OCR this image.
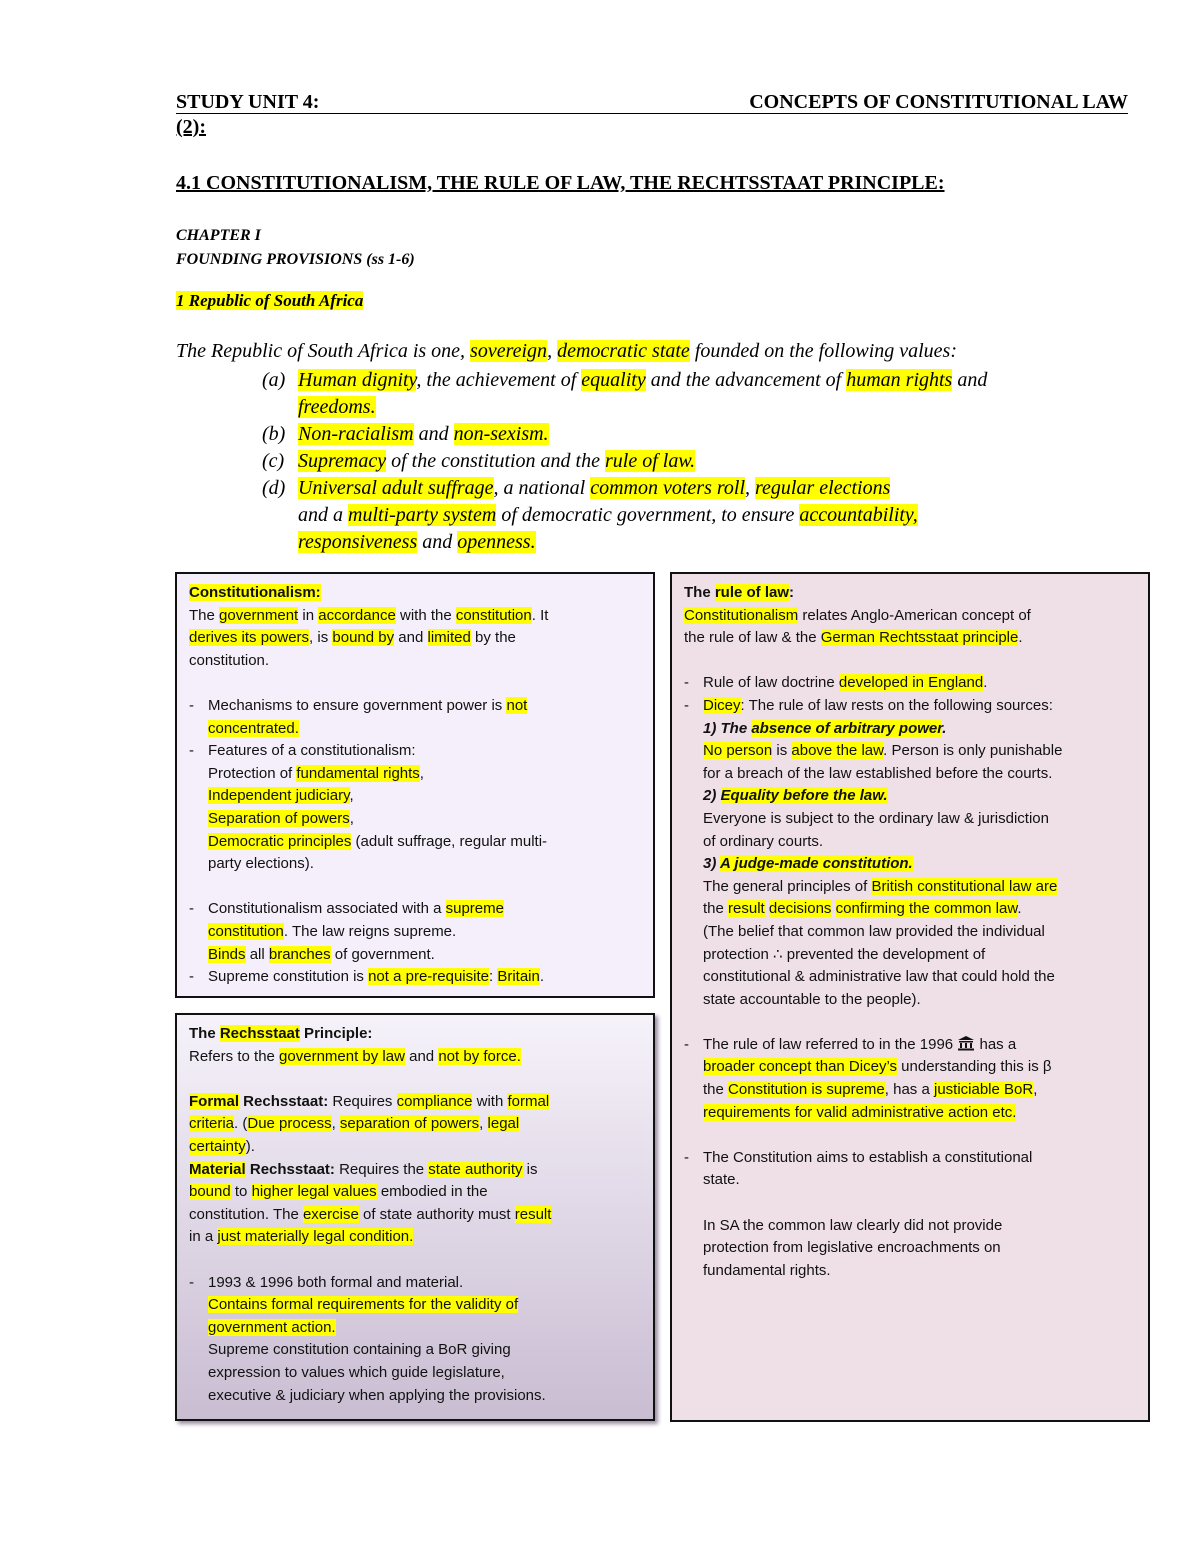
STUDY UNIT 4:	CONCEPTS OF CONSTITUTIONAL LAW
(2):
4.1 CONSTITUTIONALISM, THE RULE OF LAW, THE RECHTSSTAAT PRINCIPLE:
CHAPTER I
FOUNDING PROVISIONS (ss 1-6)
1 Republic of South Africa
The Republic of South Africa is one, sovereign, democratic state founded on the following values:
(a) Human dignity, the achievement of equality and the advancement of human rights and
freedoms.
(b) Non-racialism and non-sexism.
(c) Supremacy of the constitution and the rule of law.
(d) Universal adult suffrage, a national common voters roll, regular elections
and a multi-party system of democratic government, to ensure accountability,
responsiveness and openness.
Constitutionalism:
The government in accordance with the constitution. It
derives its powers, is bound by and limited by the
constitution.
- Mechanisms to ensure government power is not
concentrated.
- Features of a constitutionalism:
Protection of fundamental rights,
Independent judiciary,
Separation of powers,
Democratic principles (adult suffrage, regular multi-
party elections).
- Constitutionalism associated with a supreme
constitution. The law reigns supreme.
Binds all branches of government.
- Supreme constitution is not a pre-requisite: Britain.
The Rechsstaat Principle:
Refers to the government by law and not by force.
Formal Rechsstaat: Requires compliance with formal
criteria. (Due process, separation of powers, legal
certainty).
Material Rechsstaat: Requires the state authority is
bound to higher legal values embodied in the
constitution. The exercise of state authority must result
in a just materially legal condition.
- 1993 & 1996 both formal and material.
Contains formal requirements for the validity of
government action.
Supreme constitution containing a BoR giving
expression to values which guide legislature,
executive & judiciary when applying the provisions.
The rule of law:
Constitutionalism relates Anglo-American concept of
the rule of law & the German Rechtsstaat principle.
- Rule of law doctrine developed in England.
- Dicey: The rule of law rests on the following sources:
1) The absence of arbitrary power.
No person is above the law. Person is only punishable
for a breach of the law established before the courts.
2) Equality before the law.
Everyone is subject to the ordinary law & jurisdiction
of ordinary courts.
3) A judge-made constitution.
The general principles of British constitutional law are
the result decisions confirming the common law.
(The belief that common law provided the individual
protection ∴ prevented the development of
constitutional & administrative law that could hold the
state accountable to the people).
- The rule of law referred to in the 1996  has a
broader concept than Dicey’s understanding this is β
the Constitution is supreme, has a justiciable BoR,
requirements for valid administrative action etc.
- The Constitution aims to establish a constitutional
state.
In SA the common law clearly did not provide
protection from legislative encroachments on
fundamental rights.
